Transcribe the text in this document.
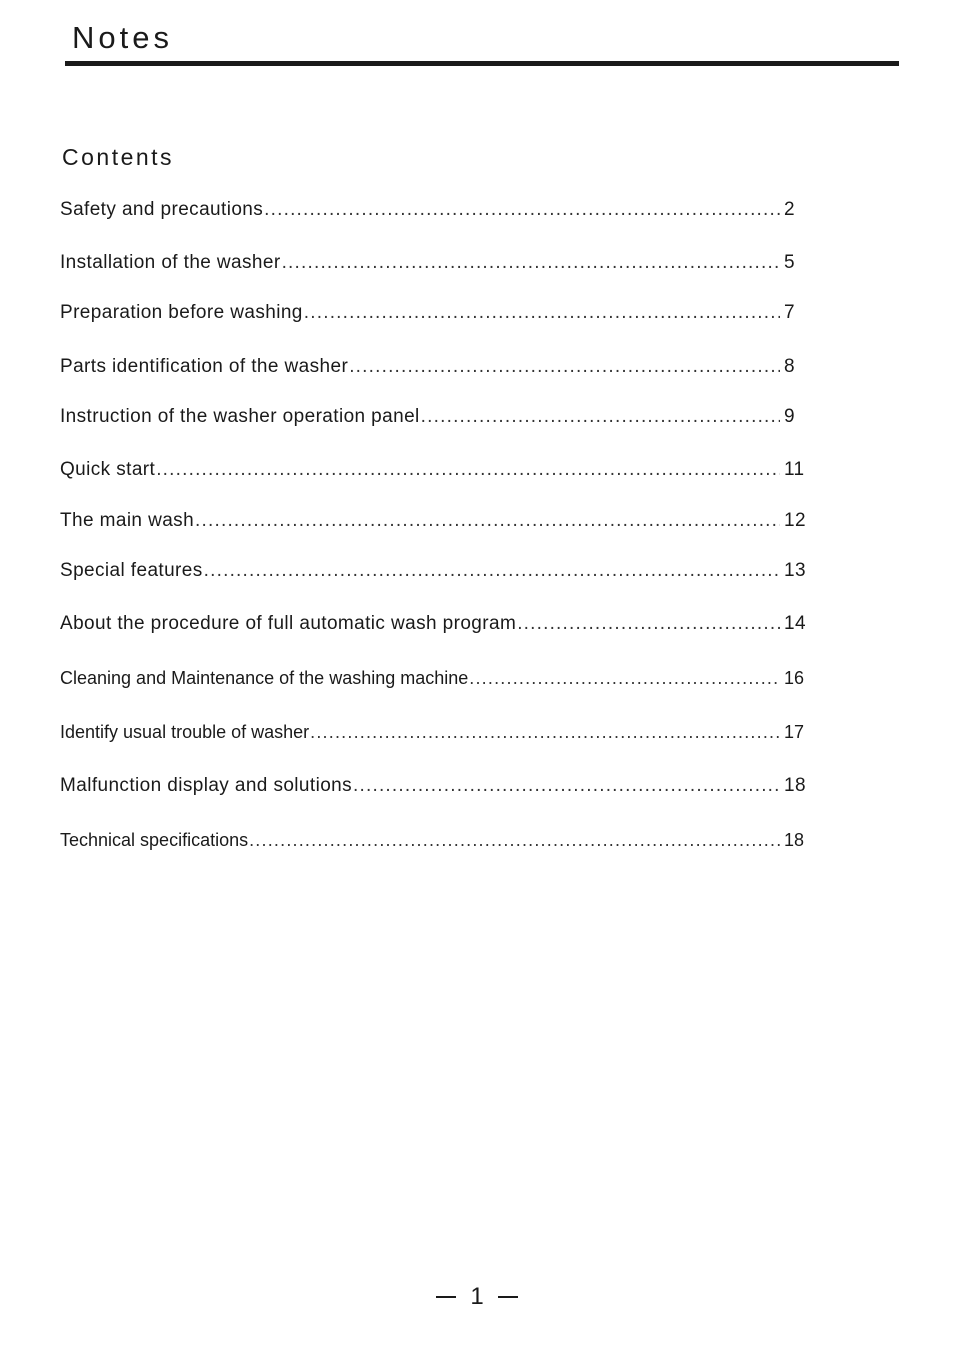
Notes
Contents
Safety and precautions .....	2
Installation of the washer .....	5
Preparation before washing .....	7
Parts identification of the washer .....	8
Instruction of the washer operation panel .....	9
Quick start .....	11
The main wash .....	12
Special features .....	13
About the procedure of full automatic wash program .....	14
Cleaning and Maintenance of the washing machine .....	16
Identify usual trouble of washer .....	17
Malfunction display and solutions .....	18
Technical specifications .....	18
1
